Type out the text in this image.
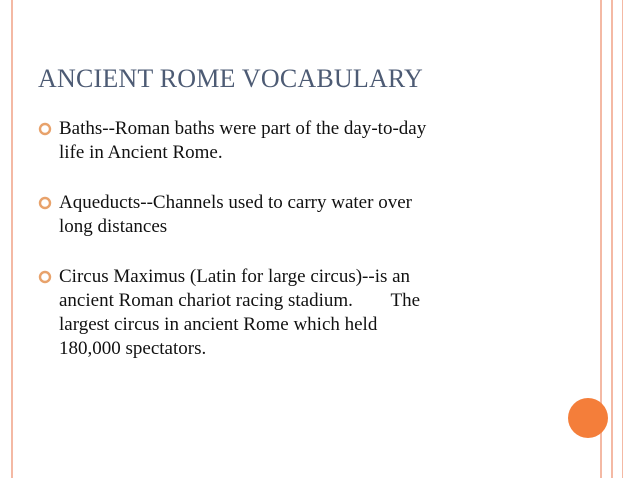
ANCIENT ROME VOCABULARY
Baths--Roman baths were part of the day-to-day
life in Ancient Rome.
Aqueducts--Channels used to carry water over
long distances
Circus Maximus (Latin for large circus)--is an
ancient Roman chariot racing stadium.        The
largest circus in ancient Rome which held
180,000 spectators.
